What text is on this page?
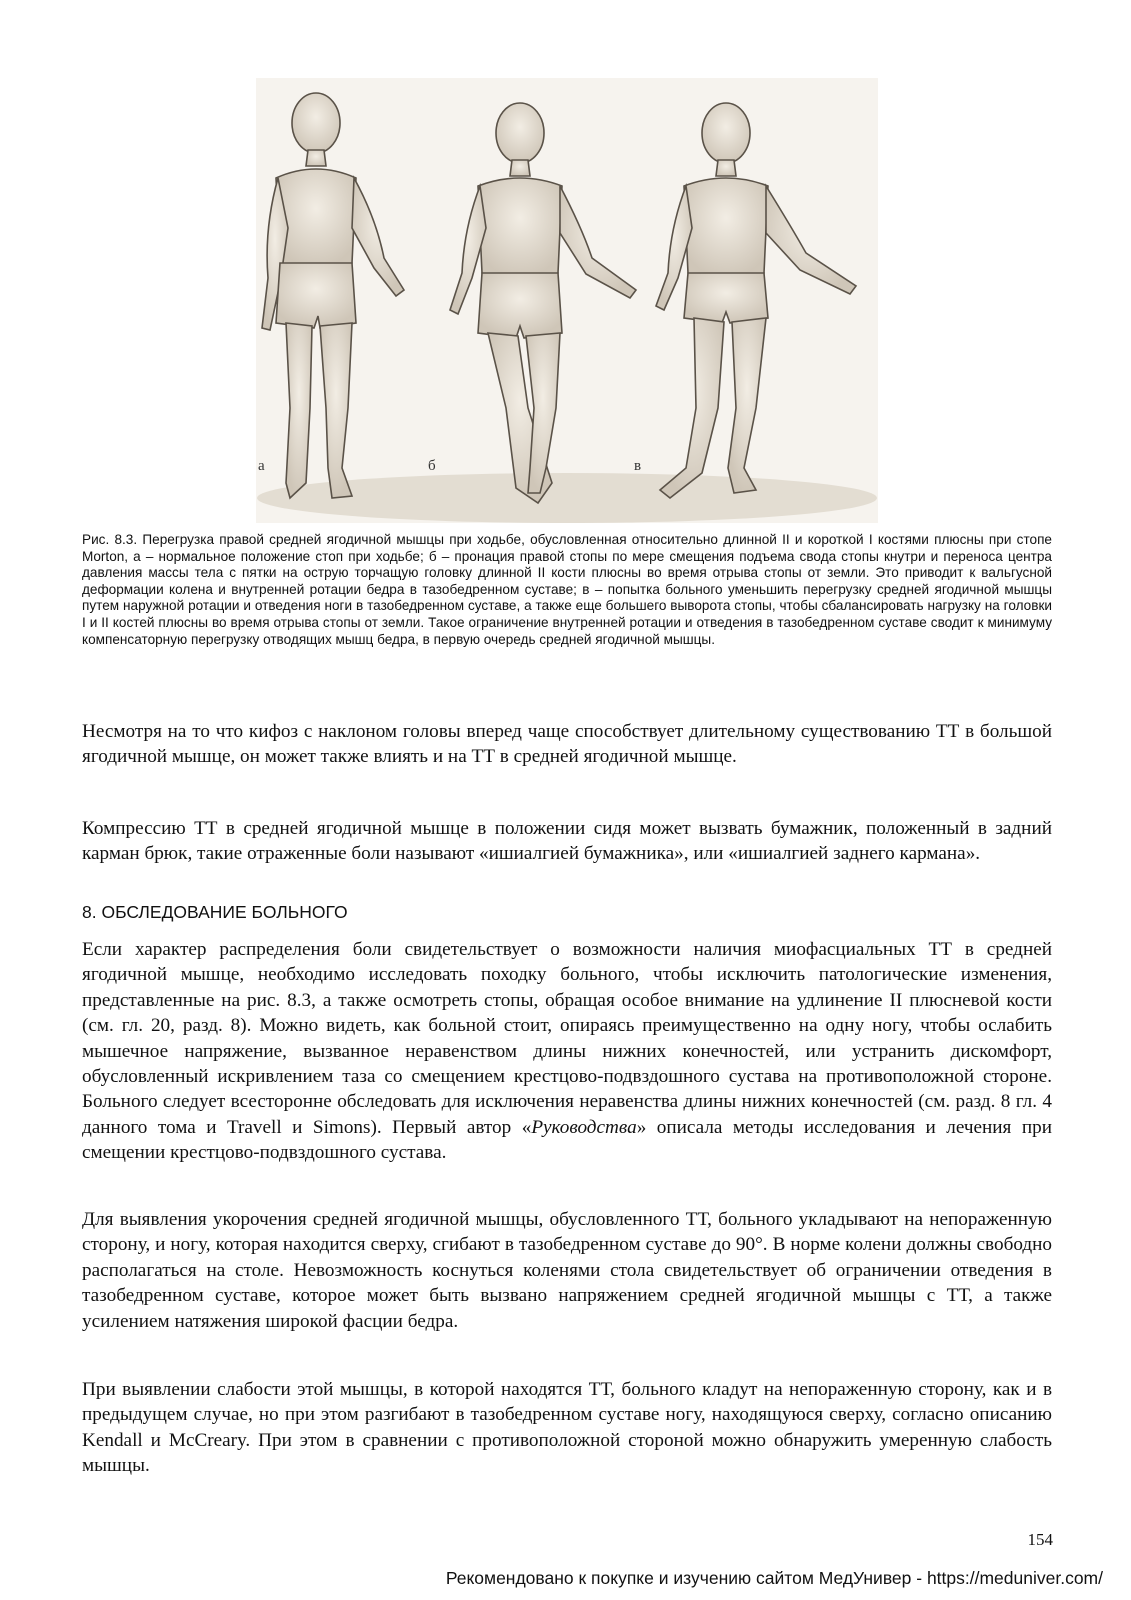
а	б	в

Рис. 8.3. Перегрузка правой средней ягодичной мышцы при ходьбе, обусловленная относительно длинной II и короткой I костями плюсны при стопе Morton, а – нормальное положение стоп при ходьбе; б – пронация правой стопы по мере смещения подъема свода стопы кнутри и переноса центра давления массы тела с пятки на острую торчащую головку длинной II кости плюсны во время отрыва стопы от земли. Это приводит к вальгусной деформации колена и внутренней ротации бедра в тазобедренном суставе; в – попытка больного уменьшить перегрузку средней ягодичной мышцы путем наружной ротации и отведения ноги в тазобедренном суставе, а также еще большего выворота стопы, чтобы сбалансировать нагрузку на головки I и II костей плюсны во время отрыва стопы от земли. Такое ограничение внутренней ротации и отведения в тазобедренном суставе сводит к минимуму компенсаторную перегрузку отводящих мышц бедра, в первую очередь средней ягодичной мышцы.

Несмотря на то что кифоз с наклоном головы вперед чаще способствует длительному существованию ТТ в большой ягодичной мышце, он может также влиять и на ТТ в средней ягодичной мышце.

Компрессию ТТ в средней ягодичной мышце в положении сидя может вызвать бумажник, положенный в задний карман брюк, такие отраженные боли называют «ишиалгией бумажника», или «ишиалгией заднего кармана».

8. ОБСЛЕДОВАНИЕ БОЛЬНОГО

Если характер распределения боли свидетельствует о возможности наличия миофасциальных ТТ в средней ягодичной мышце, необходимо исследовать походку больного, чтобы исключить патологические изменения, представленные на рис. 8.3, а также осмотреть стопы, обращая особое внимание на удлинение II плюсневой кости (см. гл. 20, разд. 8). Можно видеть, как больной стоит, опираясь преимущественно на одну ногу, чтобы ослабить мышечное напряжение, вызванное неравенством длины нижних конечностей, или устранить дискомфорт, обусловленный искривлением таза со смещением крестцово-подвздошного сустава на противоположной стороне. Больного следует всесторонне обследовать для исключения неравенства длины нижних конечностей (см. разд. 8 гл. 4 данного тома и Travell и Simons). Первый автор «Руководства» описала методы исследования и лечения при смещении крестцово-подвздошного сустава.

Для выявления укорочения средней ягодичной мышцы, обусловленного ТТ, больного укладывают на непораженную сторону, и ногу, которая находится сверху, сгибают в тазобедренном суставе до 90°. В норме колени должны свободно располагаться на столе. Невозможность коснуться коленями стола свидетельствует об ограничении отведения в тазобедренном суставе, которое может быть вызвано напряжением средней ягодичной мышцы с ТТ, а также усилением натяжения широкой фасции бедра.

При выявлении слабости этой мышцы, в которой находятся ТТ, больного кладут на непораженную сторону, как и в предыдущем случае, но при этом разгибают в тазобедренном суставе ногу, находящуюся сверху, согласно описанию Kendall и McCreary. При этом в сравнении с противоположной стороной можно обнаружить умеренную слабость мышцы.

154
Рекомендовано к покупке и изучению сайтом МедУнивер - https://meduniver.com/
